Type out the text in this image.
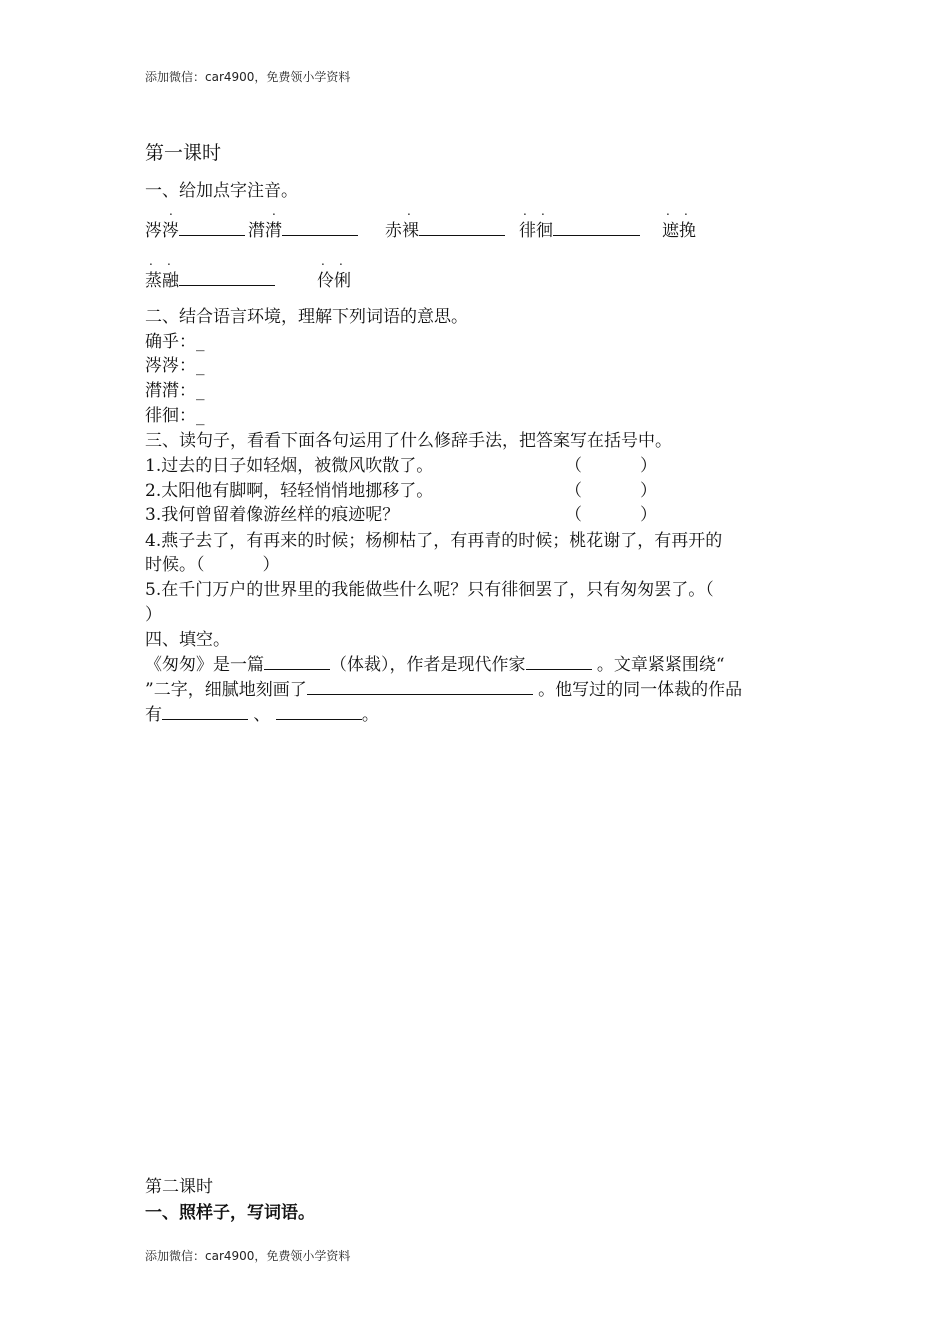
添加微信：car4900，免费领小学资料
第一课时
一、给加点字注音。
.
涔涔
.
潸潸
.
赤裸
. .
徘徊
. .
遮挽
. .
蒸融
. .
伶俐
二、结合语言环境，理解下列词语的意思。
确乎：_
涔涔：_
潸潸：_
徘徊：_
三、读句子，看看下面各句运用了什么修辞手法，把答案写在括号中。
1.过去的日子如轻烟，被微风吹散了。	（	）
2.太阳他有脚啊，轻轻悄悄地挪移了。	（	）
3.我何曾留着像游丝样的痕迹呢？	（	）
4.燕子去了，有再来的时候；杨柳枯了，有再青的时候；桃花谢了，有再开的
时候。（	）
5.在千门万户的世界里的我能做些什么呢？只有徘徊罢了，只有匆匆罢了。（
）
四、填空。
《匆匆》是一篇	（体裁），作者是现代作家	。文章紧紧围绕“
”二字，细腻地刻画了	。他写过的同一体裁的作品
有	、	。
第二课时
一、照样子，写词语。
添加微信：car4900，免费领小学资料
